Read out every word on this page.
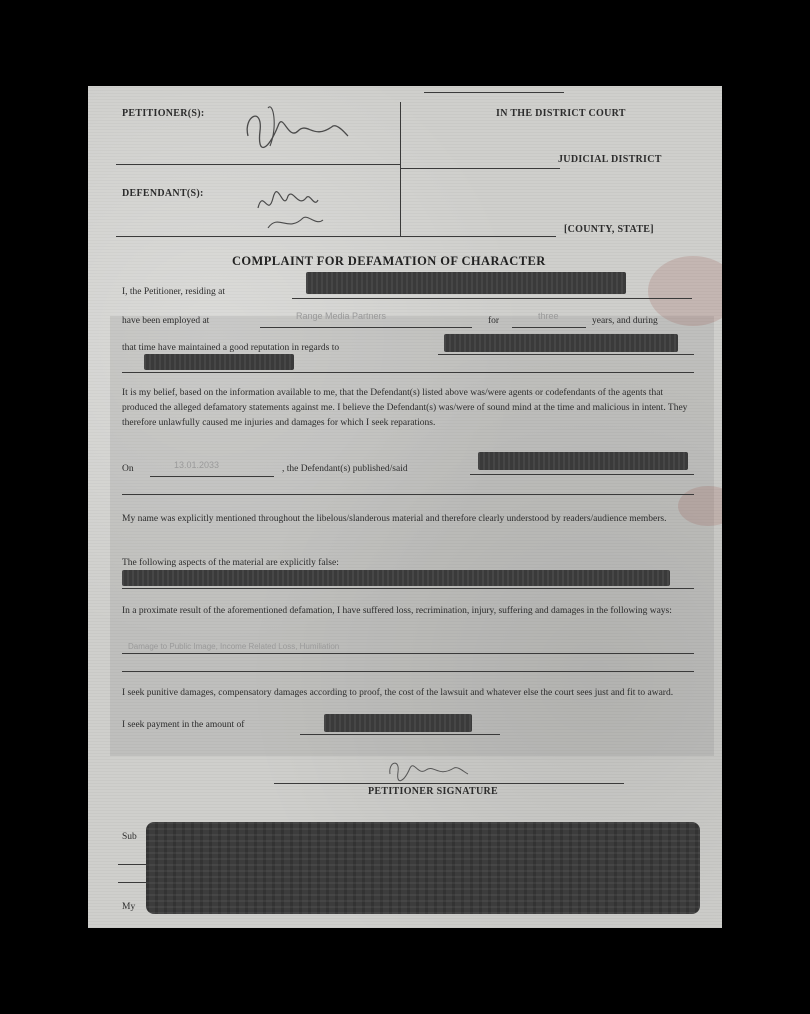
PETITIONER(S):
DEFENDANT(S):
IN THE DISTRICT COURT
JUDICIAL DISTRICT
[COUNTY, STATE]
COMPLAINT FOR DEFAMATION OF CHARACTER
I, the Petitioner, residing at
have been employed at	Range Media Partners	for	three	years, and during
that time have maintained a good reputation in regards to
It is my belief, based on the information available to me, that the Defendant(s) listed above was/were agents or codefendants of the agents that produced the alleged defamatory statements against me. I believe the Defendant(s) was/were of sound mind at the time and malicious in intent. They therefore unlawfully caused me injuries and damages for which I seek reparations.
On	13.01.2033	, the Defendant(s) published/said
My name was explicitly mentioned throughout the libelous/slanderous material and therefore clearly understood by readers/audience members.
The following aspects of the material are explicitly false:
In a proximate result of the aforementioned defamation, I have suffered loss, recrimination, injury, suffering and damages in the following ways:
Damage to Public Image, Income Related Loss, Humiliation
I seek punitive damages, compensatory damages according to proof, the cost of the lawsuit and whatever else the court sees just and fit to award.
I seek payment in the amount of
PETITIONER SIGNATURE
Sub
My
